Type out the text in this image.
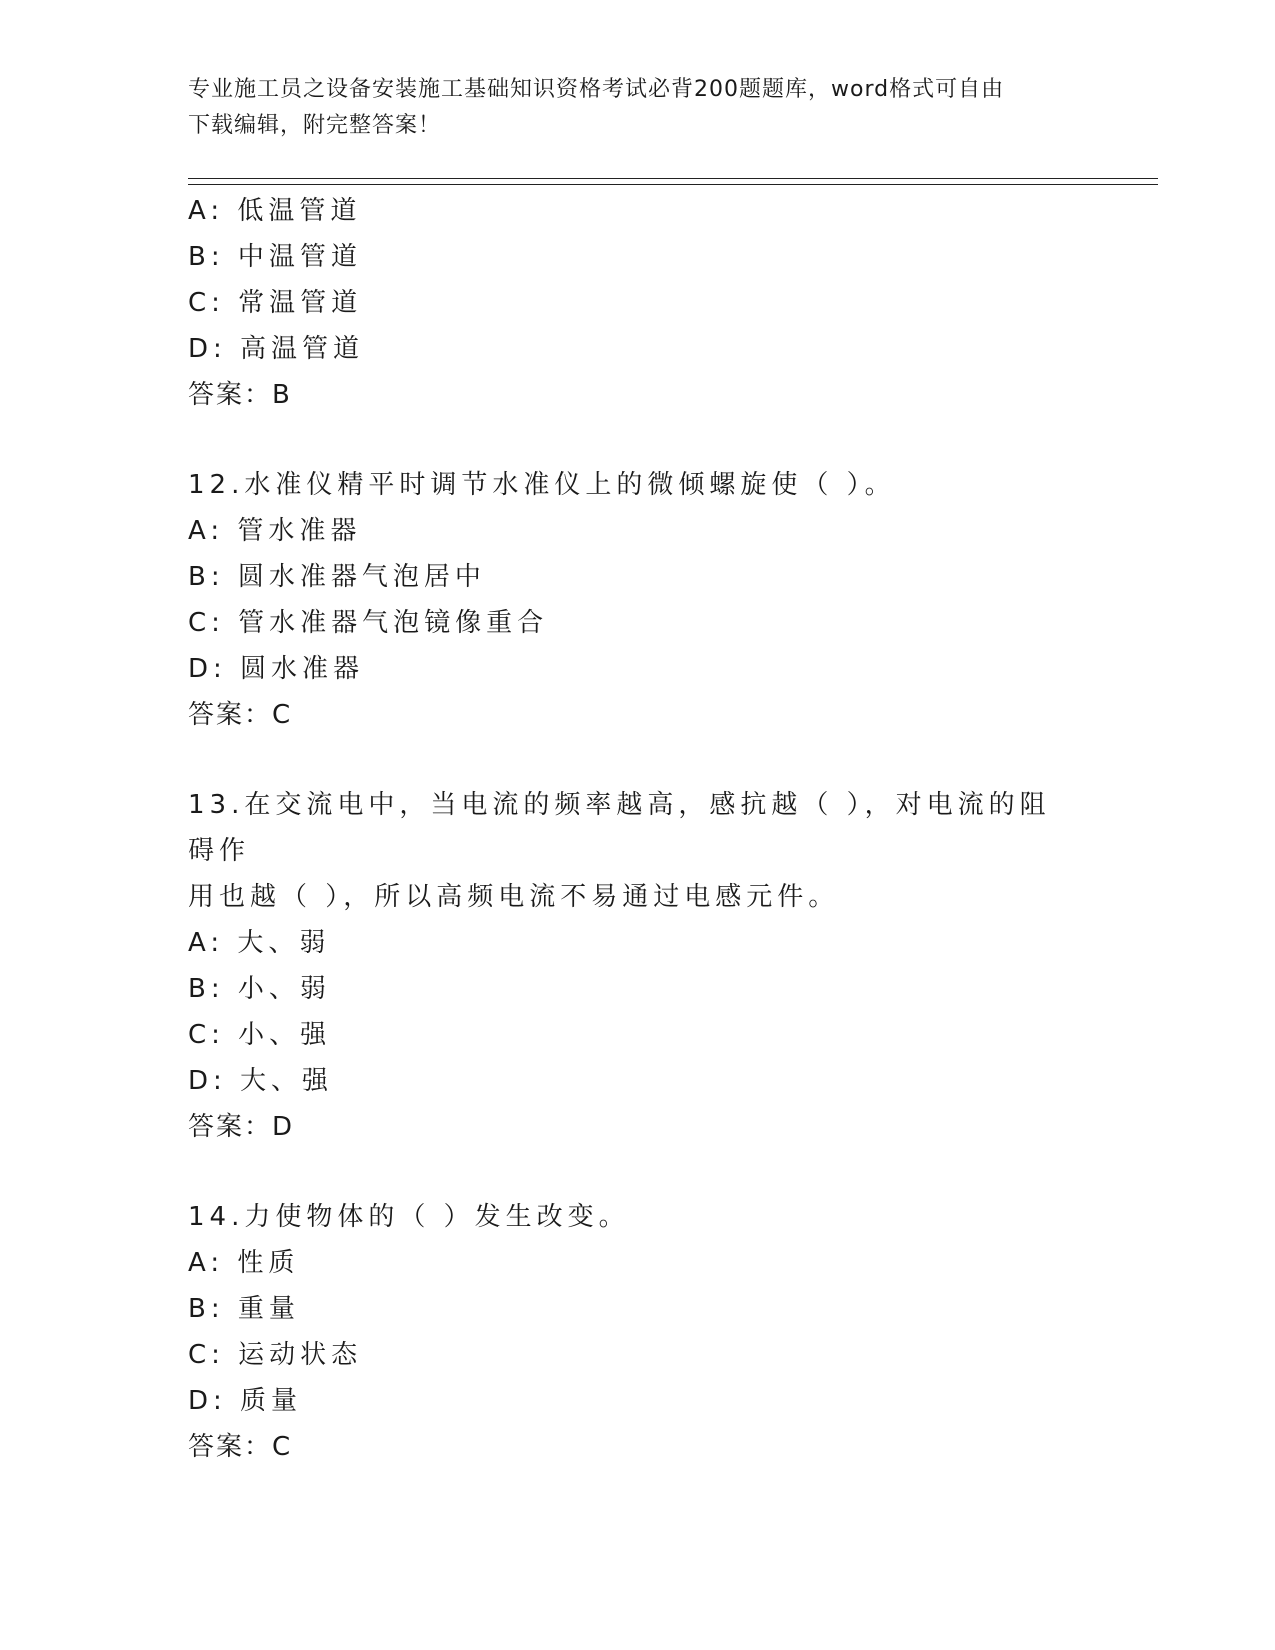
专业施工员之设备安装施工基础知识资格考试必背200题题库，word格式可自由
下载编辑，附完整答案！
A: 低温管道
B: 中温管道
C: 常温管道
D: 高温管道
答案：B
12.水准仪精平时调节水准仪上的微倾螺旋使（ ）。
A: 管水准器
B: 圆水准器气泡居中
C: 管水准器气泡镜像重合
D: 圆水准器
答案：C
13.在交流电中，当电流的频率越高，感抗越（ ），对电流的阻碍作
用也越（ ），所以高频电流不易通过电感元件。
A: 大、弱
B: 小、弱
C: 小、强
D: 大、强
答案：D
14.力使物体的（ ）发生改变。
A: 性质
B: 重量
C: 运动状态
D: 质量
答案：C
